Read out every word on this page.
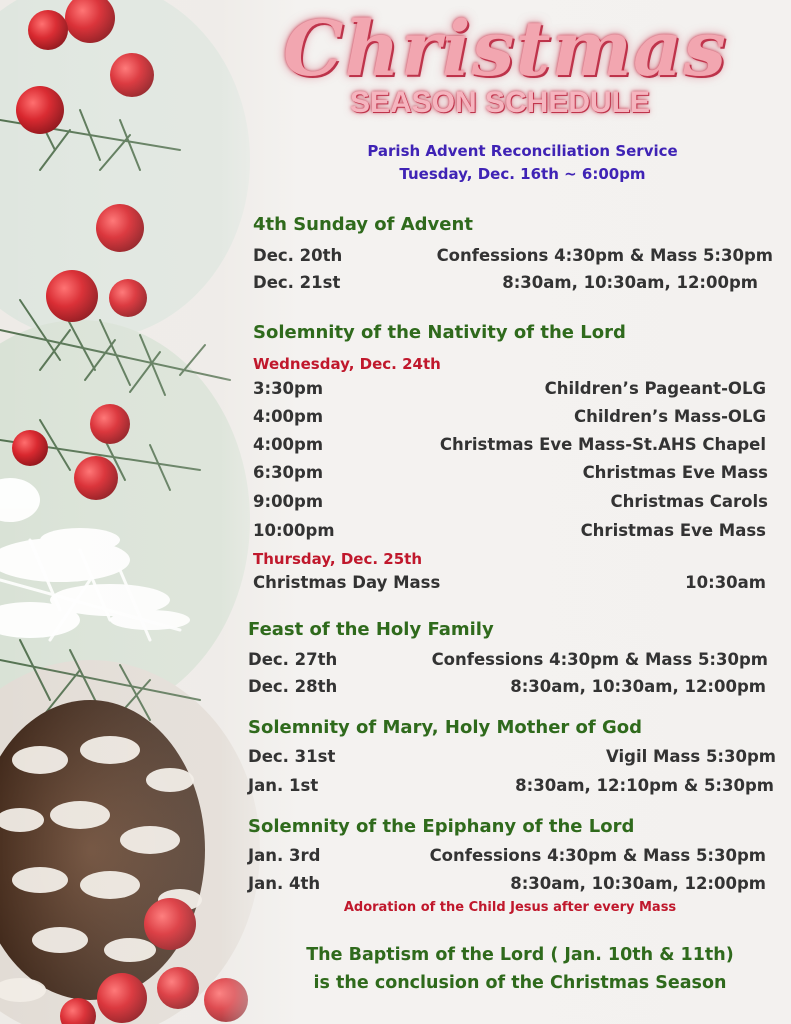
Christmas
SEASON SCHEDULE
Parish Advent Reconciliation Service
Tuesday, Dec. 16th ~ 6:00pm
4th Sunday of Advent
Dec. 20th	Confessions 4:30pm & Mass 5:30pm
Dec. 21st	8:30am, 10:30am, 12:00pm
Solemnity of the Nativity of the Lord
Wednesday, Dec. 24th
3:30pm	Children’s Pageant-OLG
4:00pm	Children’s Mass-OLG
4:00pm	Christmas Eve Mass-St.AHS Chapel
6:30pm	Christmas Eve Mass
9:00pm	Christmas Carols
10:00pm	Christmas Eve Mass
Thursday, Dec. 25th
Christmas Day Mass	10:30am
Feast of the Holy Family
Dec. 27th	Confessions 4:30pm & Mass 5:30pm
Dec. 28th	8:30am, 10:30am, 12:00pm
Solemnity of Mary, Holy Mother of God
Dec. 31st	Vigil Mass 5:30pm
Jan. 1st	8:30am, 12:10pm & 5:30pm
Solemnity of the Epiphany of the Lord
Jan. 3rd	Confessions 4:30pm & Mass 5:30pm
Jan. 4th	8:30am, 10:30am, 12:00pm
Adoration of the Child Jesus after every Mass
The Baptism of the Lord ( Jan. 10th & 11th)
is the conclusion of the Christmas Season
